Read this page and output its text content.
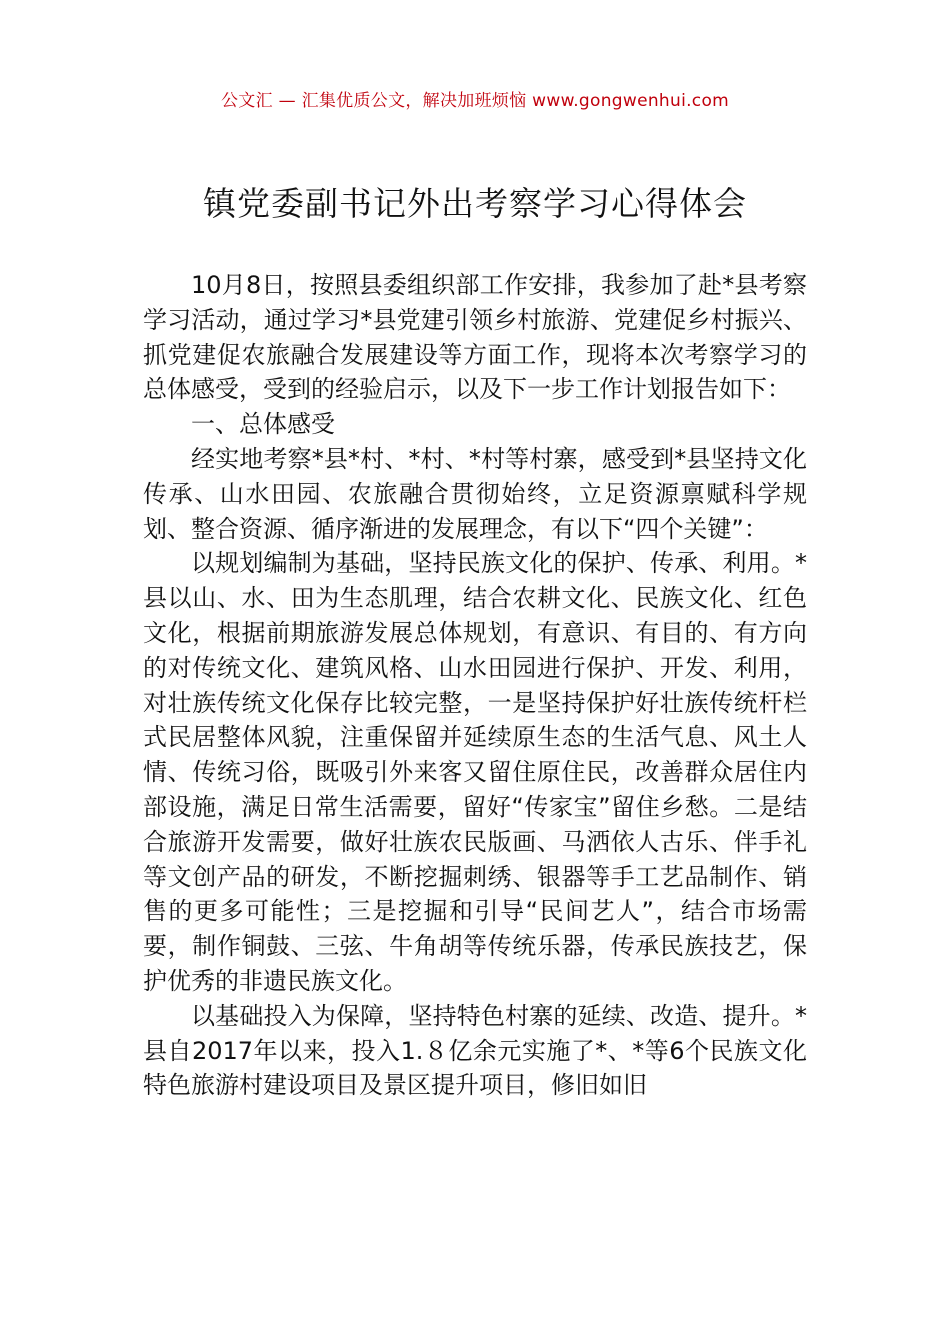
公文汇 — 汇集优质公文，解决加班烦恼 www.gongwenhui.com
镇党委副书记外出考察学习心得体会

10月8日，按照县委组织部工作安排，我参加了赴*县考察学习活动，通过学习*县党建引领乡村旅游、党建促乡村振兴、抓党建促农旅融合发展建设等方面工作，现将本次考察学习的总体感受，受到的经验启示，以及下一步工作计划报告如下：

一、总体感受

经实地考察*县*村、*村、*村等村寨，感受到*县坚持文化传承、山水田园、农旅融合贯彻始终，立足资源禀赋科学规划、整合资源、循序渐进的发展理念，有以下“四个关键”：

以规划编制为基础，坚持民族文化的保护、传承、利用。*县以山、水、田为生态肌理，结合农耕文化、民族文化、红色文化，根据前期旅游发展总体规划，有意识、有目的、有方向的对传统文化、建筑风格、山水田园进行保护、开发、利用，对壮族传统文化保存比较完整，一是坚持保护好壮族传统杆栏式民居整体风貌，注重保留并延续原生态的生活气息、风土人情、传统习俗，既吸引外来客又留住原住民，改善群众居住内部设施，满足日常生活需要，留好“传家宝”留住乡愁。二是结合旅游开发需要，做好壮族农民版画、马洒依人古乐、伴手礼等文创产品的研发，不断挖掘刺绣、银器等手工艺品制作、销售的更多可能性；三是挖掘和引导“民间艺人”，结合市场需要，制作铜鼓、三弦、牛角胡等传统乐器，传承民族技艺，保护优秀的非遗民族文化。

以基础投入为保障，坚持特色村寨的延续、改造、提升。*县自2017年以来，投入1.８亿余元实施了*、*等6个民族文化特色旅游村建设项目及景区提升项目，修旧如旧
